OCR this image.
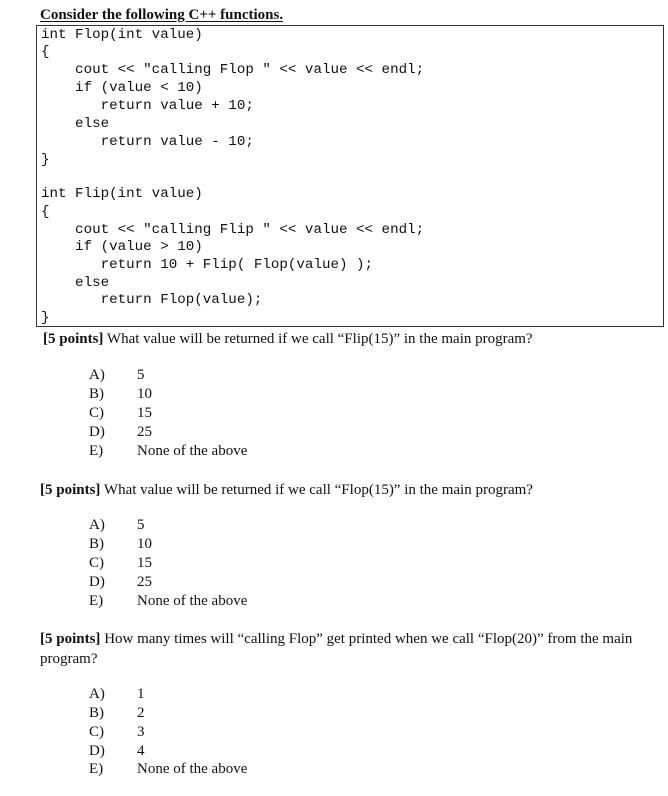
Consider the following C++ functions.
int Flop(int value)
{
cout << "calling Flop " << value << endl;
if (value < 10)
return value + 10;
else
return value - 10;
}
int Flip(int value)
{
cout << "calling Flip " << value << endl;
if (value > 10)
return 10 + Flip( Flop(value) );
else
return Flop(value);
}
[5 points] What value will be returned if we call “Flip(15)” in the main program?
A) 5
B) 10
C) 15
D) 25
E) None of the above
[5 points] What value will be returned if we call “Flop(15)” in the main program?
A) 5
B) 10
C) 15
D) 25
E) None of the above
[5 points] How many times will “calling Flop” get printed when we call “Flop(20)” from the main program?
A) 1
B) 2
C) 3
D) 4
E) None of the above
